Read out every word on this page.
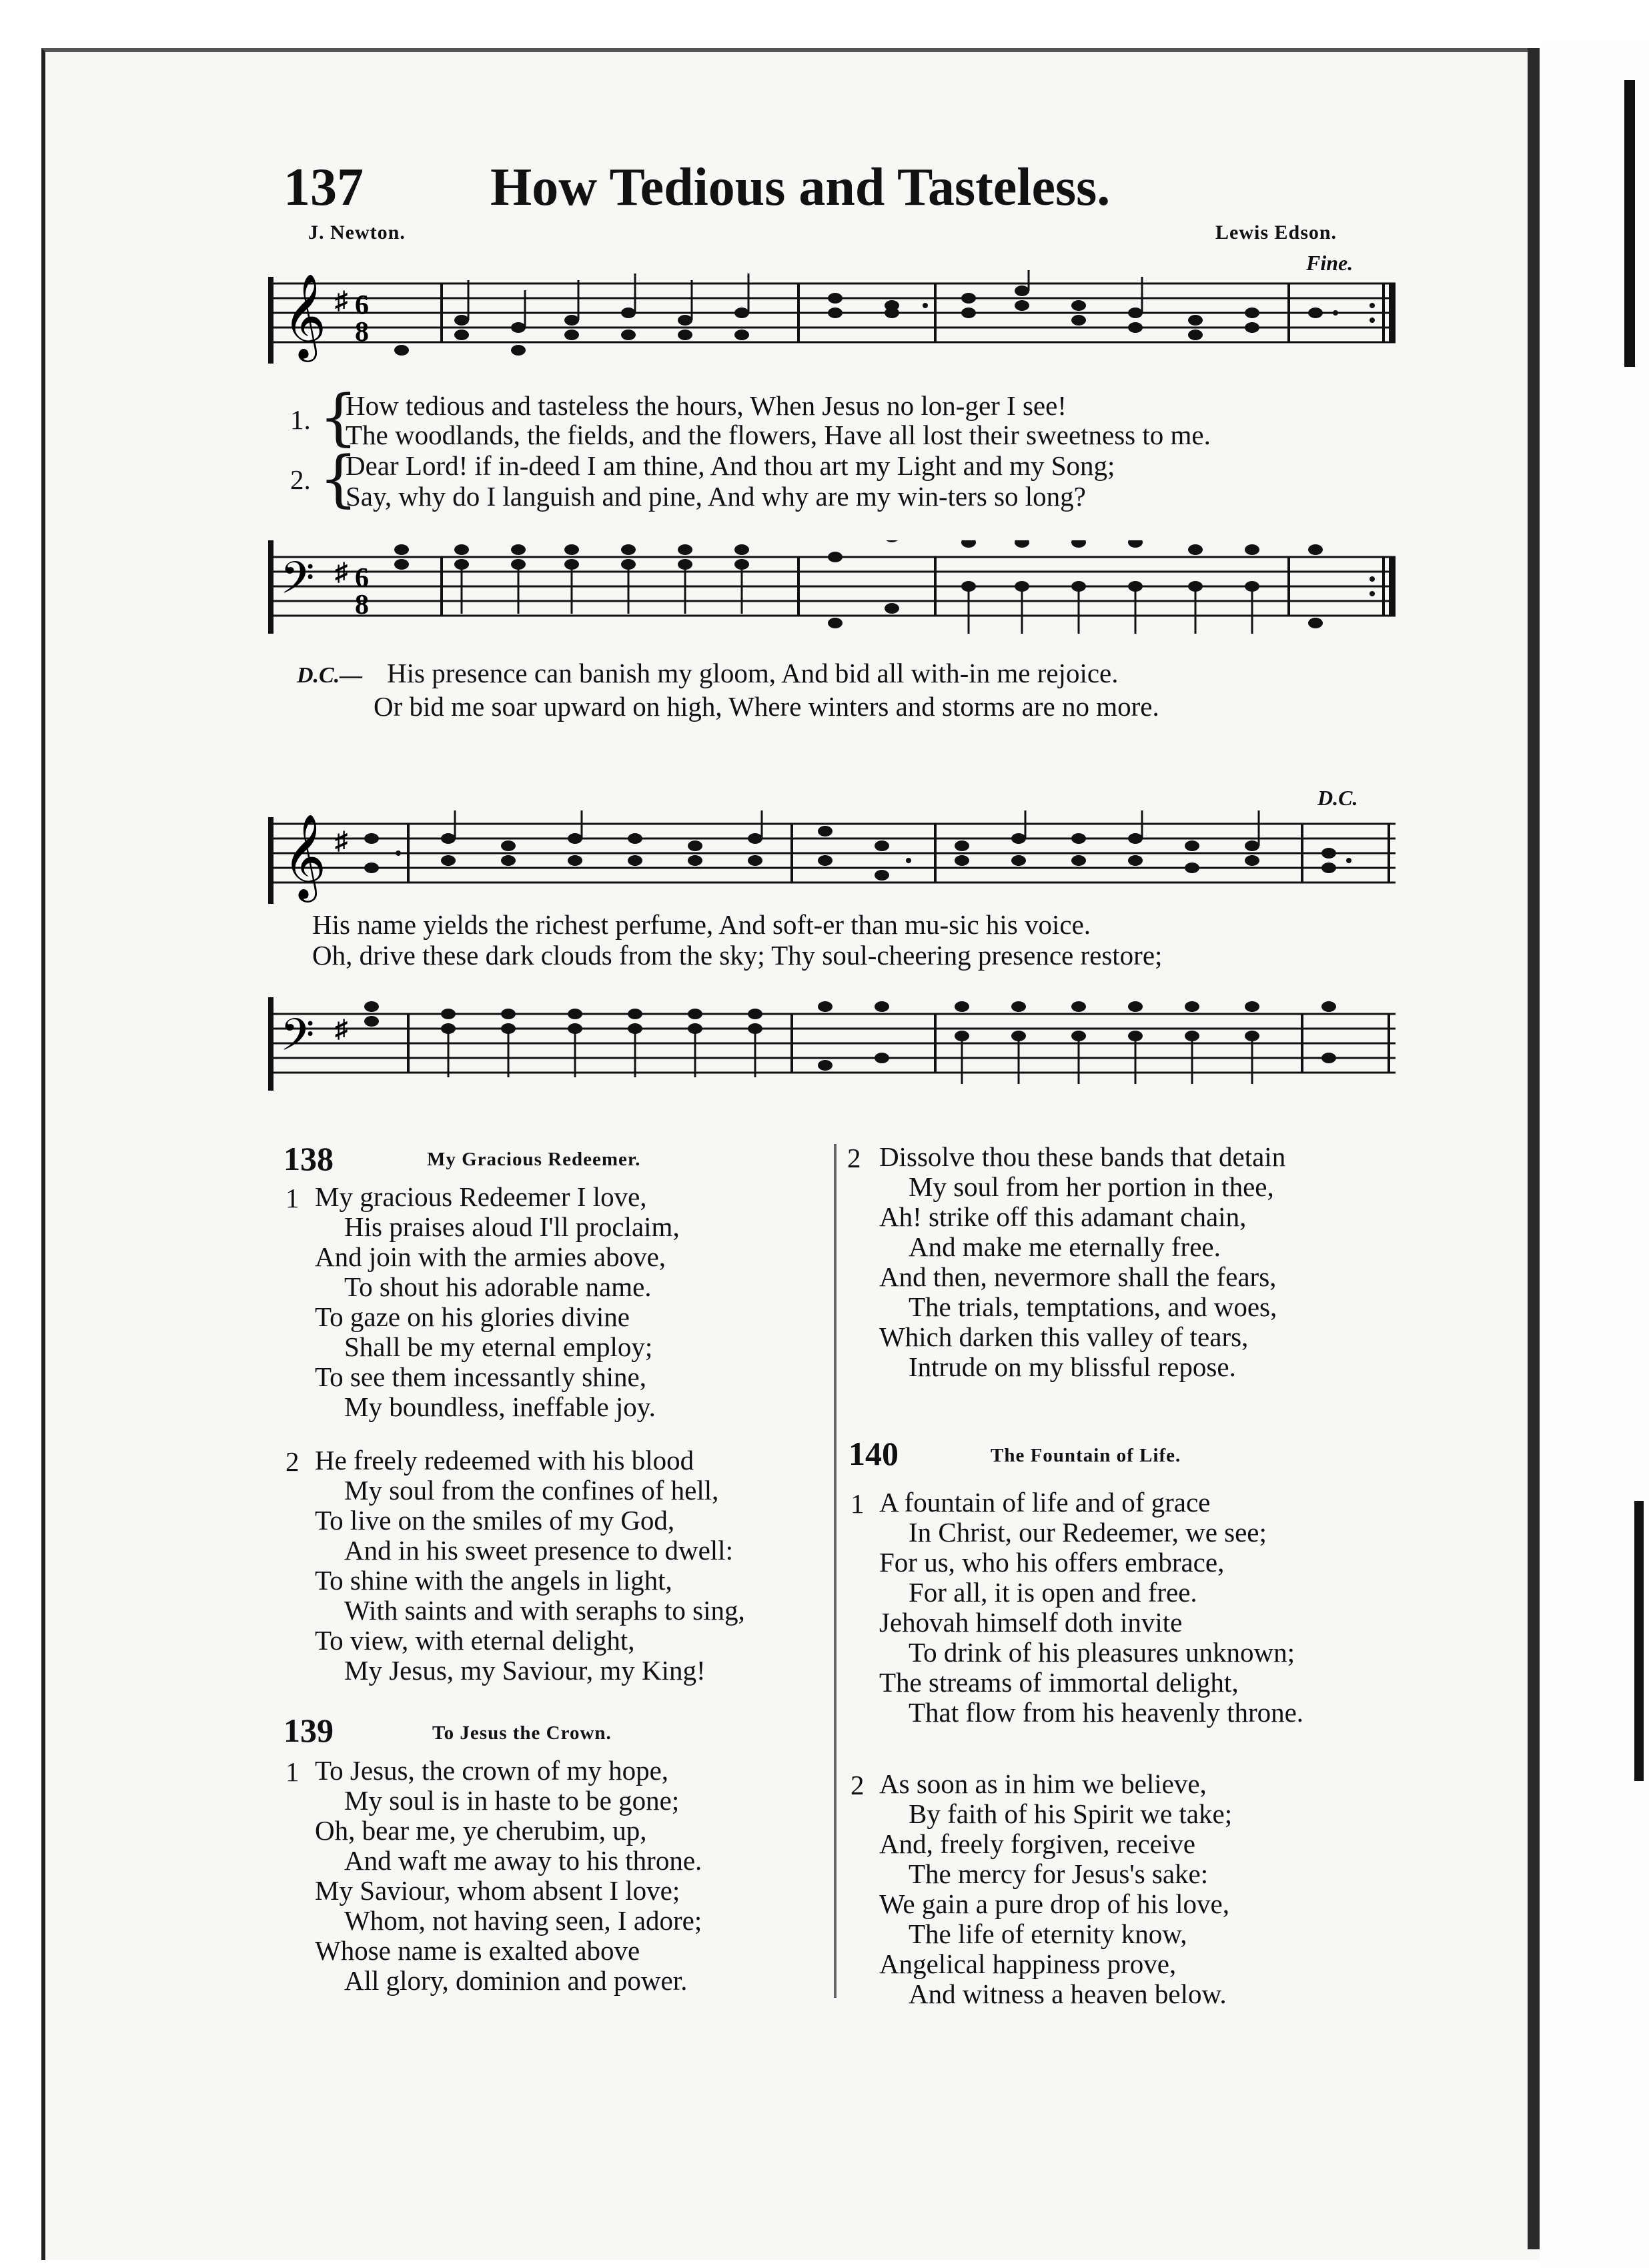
137 How Tedious and Tasteless.
J. Newton.	Lewis Edson.
Fine.
𝄞 ♯ 6
8
1.
2.
{
{
How tedious and tasteless the hours, When Jesus no lon-ger I see!
The woodlands, the fields, and the flowers, Have all lost their sweetness to me.
Dear Lord! if in-deed I am thine, And thou art my Light and my Song;
Say, why do I languish and pine, And why are my win-ters so long?
𝄢 ♯ 6
8
D.C.— His presence can banish my gloom, And bid all with-in me rejoice.
Or bid me soar upward on high, Where winters and storms are no more.
D.C.
𝄞 ♯
His name yields the richest perfume, And soft-er than mu-sic his voice.
Oh, drive these dark clouds from the sky; Thy soul-cheering presence restore;
𝄢 ♯
138	My Gracious Redeemer.
1 My gracious Redeemer I love,
His praises aloud I'll proclaim,
And join with the armies above,
To shout his adorable name.
To gaze on his glories divine
Shall be my eternal employ;
To see them incessantly shine,
My boundless, ineffable joy.
2 He freely redeemed with his blood
My soul from the confines of hell,
To live on the smiles of my God,
And in his sweet presence to dwell:
To shine with the angels in light,
With saints and with seraphs to sing,
To view, with eternal delight,
My Jesus, my Saviour, my King!
139	To Jesus the Crown.
1 To Jesus, the crown of my hope,
My soul is in haste to be gone;
Oh, bear me, ye cherubim, up,
And waft me away to his throne.
My Saviour, whom absent I love;
Whom, not having seen, I adore;
Whose name is exalted above
All glory, dominion and power.
2 Dissolve thou these bands that detain
My soul from her portion in thee,
Ah! strike off this adamant chain,
And make me eternally free.
And then, nevermore shall the fears,
The trials, temptations, and woes,
Which darken this valley of tears,
Intrude on my blissful repose.
140	The Fountain of Life.
1 A fountain of life and of grace
In Christ, our Redeemer, we see;
For us, who his offers embrace,
For all, it is open and free.
Jehovah himself doth invite
To drink of his pleasures unknown;
The streams of immortal delight,
That flow from his heavenly throne.
2 As soon as in him we believe,
By faith of his Spirit we take;
And, freely forgiven, receive
The mercy for Jesus's sake:
We gain a pure drop of his love,
The life of eternity know,
Angelical happiness prove,
And witness a heaven below.
